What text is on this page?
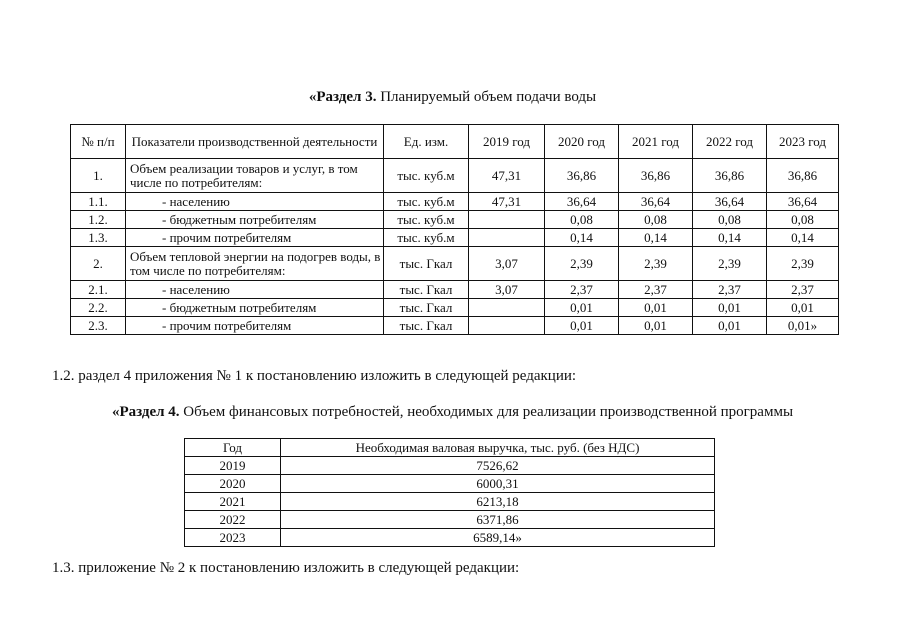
«Раздел 3. Планируемый объем подачи воды
№ п/п	Показатели производственной деятельности	Ед. изм.	2019 год	2020 год	2021 год	2022 год	2023 год
1.	Объем реализации товаров и услуг, в том числе по потребителям:	тыс. куб.м	47,31	36,86	36,86	36,86	36,86
1.1.	- населению	тыс. куб.м	47,31	36,64	36,64	36,64	36,64
1.2.	- бюджетным потребителям	тыс. куб.м		0,08	0,08	0,08	0,08
1.3.	- прочим потребителям	тыс. куб.м		0,14	0,14	0,14	0,14
2.	Объем тепловой энергии на подогрев воды, в том числе по потребителям:	тыс. Гкал	3,07	2,39	2,39	2,39	2,39
2.1.	- населению	тыс. Гкал	3,07	2,37	2,37	2,37	2,37
2.2.	- бюджетным потребителям	тыс. Гкал		0,01	0,01	0,01	0,01
2.3.	- прочим потребителям	тыс. Гкал		0,01	0,01	0,01	0,01»
1.2. раздел 4 приложения № 1 к постановлению изложить в следующей редакции:
«Раздел 4. Объем финансовых потребностей, необходимых для реализации производственной программы
Год	Необходимая валовая выручка, тыс. руб. (без НДС)
2019	7526,62
2020	6000,31
2021	6213,18
2022	6371,86
2023	6589,14»
1.3. приложение № 2 к постановлению изложить в следующей редакции:
